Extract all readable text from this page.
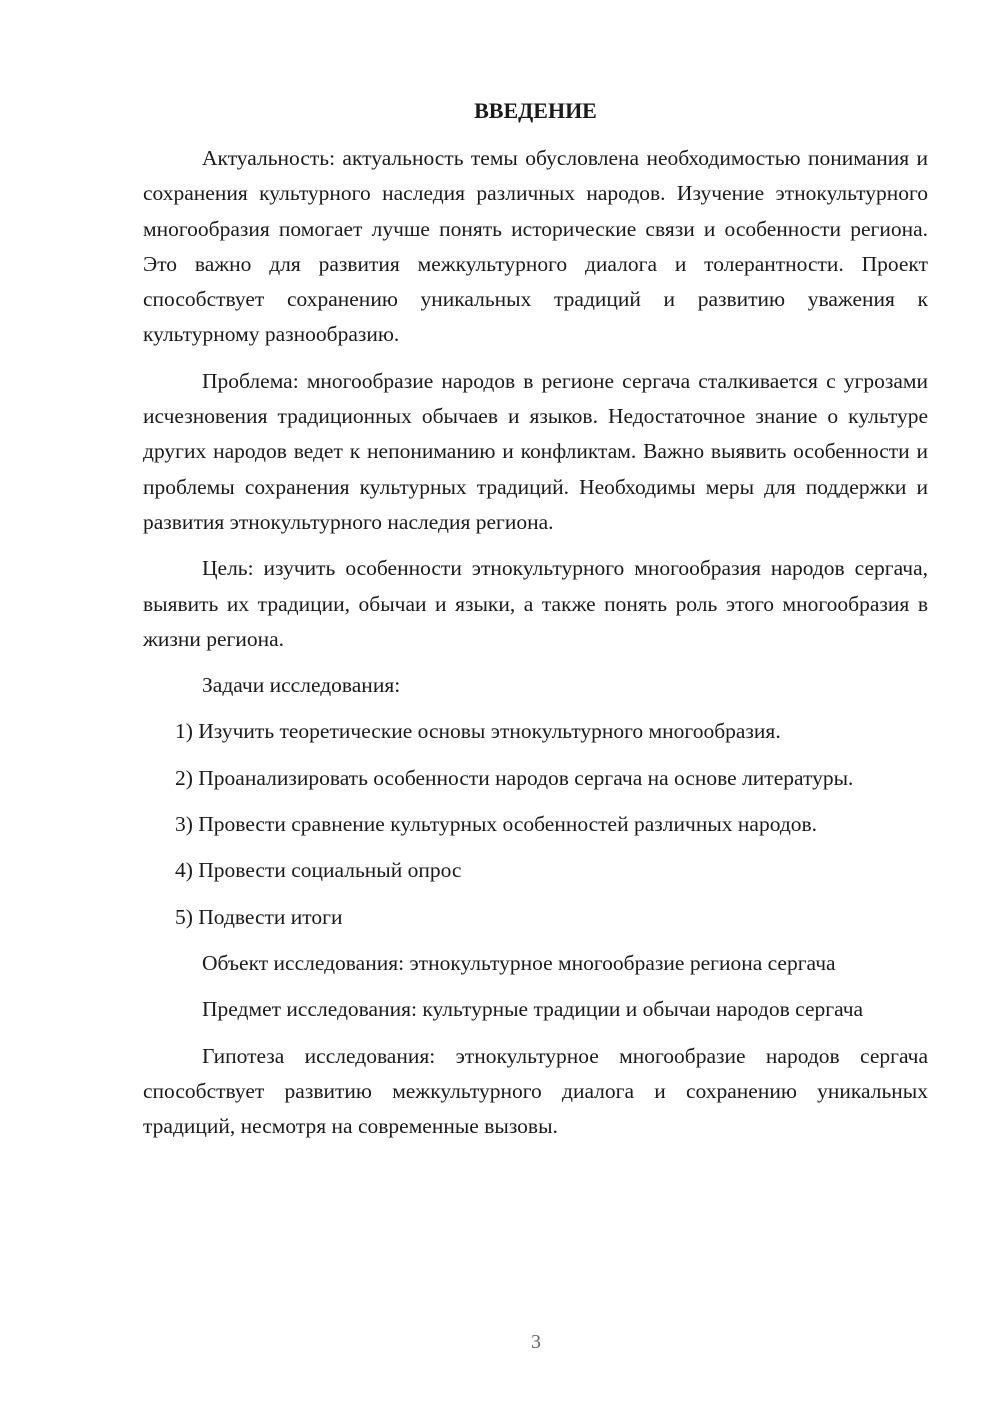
ВВЕДЕНИЕ

Актуальность: актуальность темы обусловлена необходимостью понимания и сохранения культурного наследия различных народов. Изучение этнокультурного многообразия помогает лучше понять исторические связи и особенности региона. Это важно для развития межкультурного диалога и толерантности. Проект способствует сохранению уникальных традиций и развитию уважения к культурному разнообразию.

Проблема: многообразие народов в регионе сергача сталкивается с угрозами исчезновения традиционных обычаев и языков. Недостаточное знание о культуре других народов ведет к непониманию и конфликтам. Важно выявить особенности и проблемы сохранения культурных традиций. Необходимы меры для поддержки и развития этнокультурного наследия региона.

Цель: изучить особенности этнокультурного многообразия народов сергача, выявить их традиции, обычаи и языки, а также понять роль этого многообразия в жизни региона.

Задачи исследования:

1) Изучить теоретические основы этнокультурного многообразия.

2) Проанализировать особенности народов сергача на основе литературы.

3) Провести сравнение культурных особенностей различных народов.

4) Провести социальный опрос

5) Подвести итоги

Объект исследования: этнокультурное многообразие региона сергача

Предмет исследования: культурные традиции и обычаи народов сергача

Гипотеза исследования: этнокультурное многообразие народов сергача способствует развитию межкультурного диалога и сохранению уникальных традиций, несмотря на современные вызовы.

3
